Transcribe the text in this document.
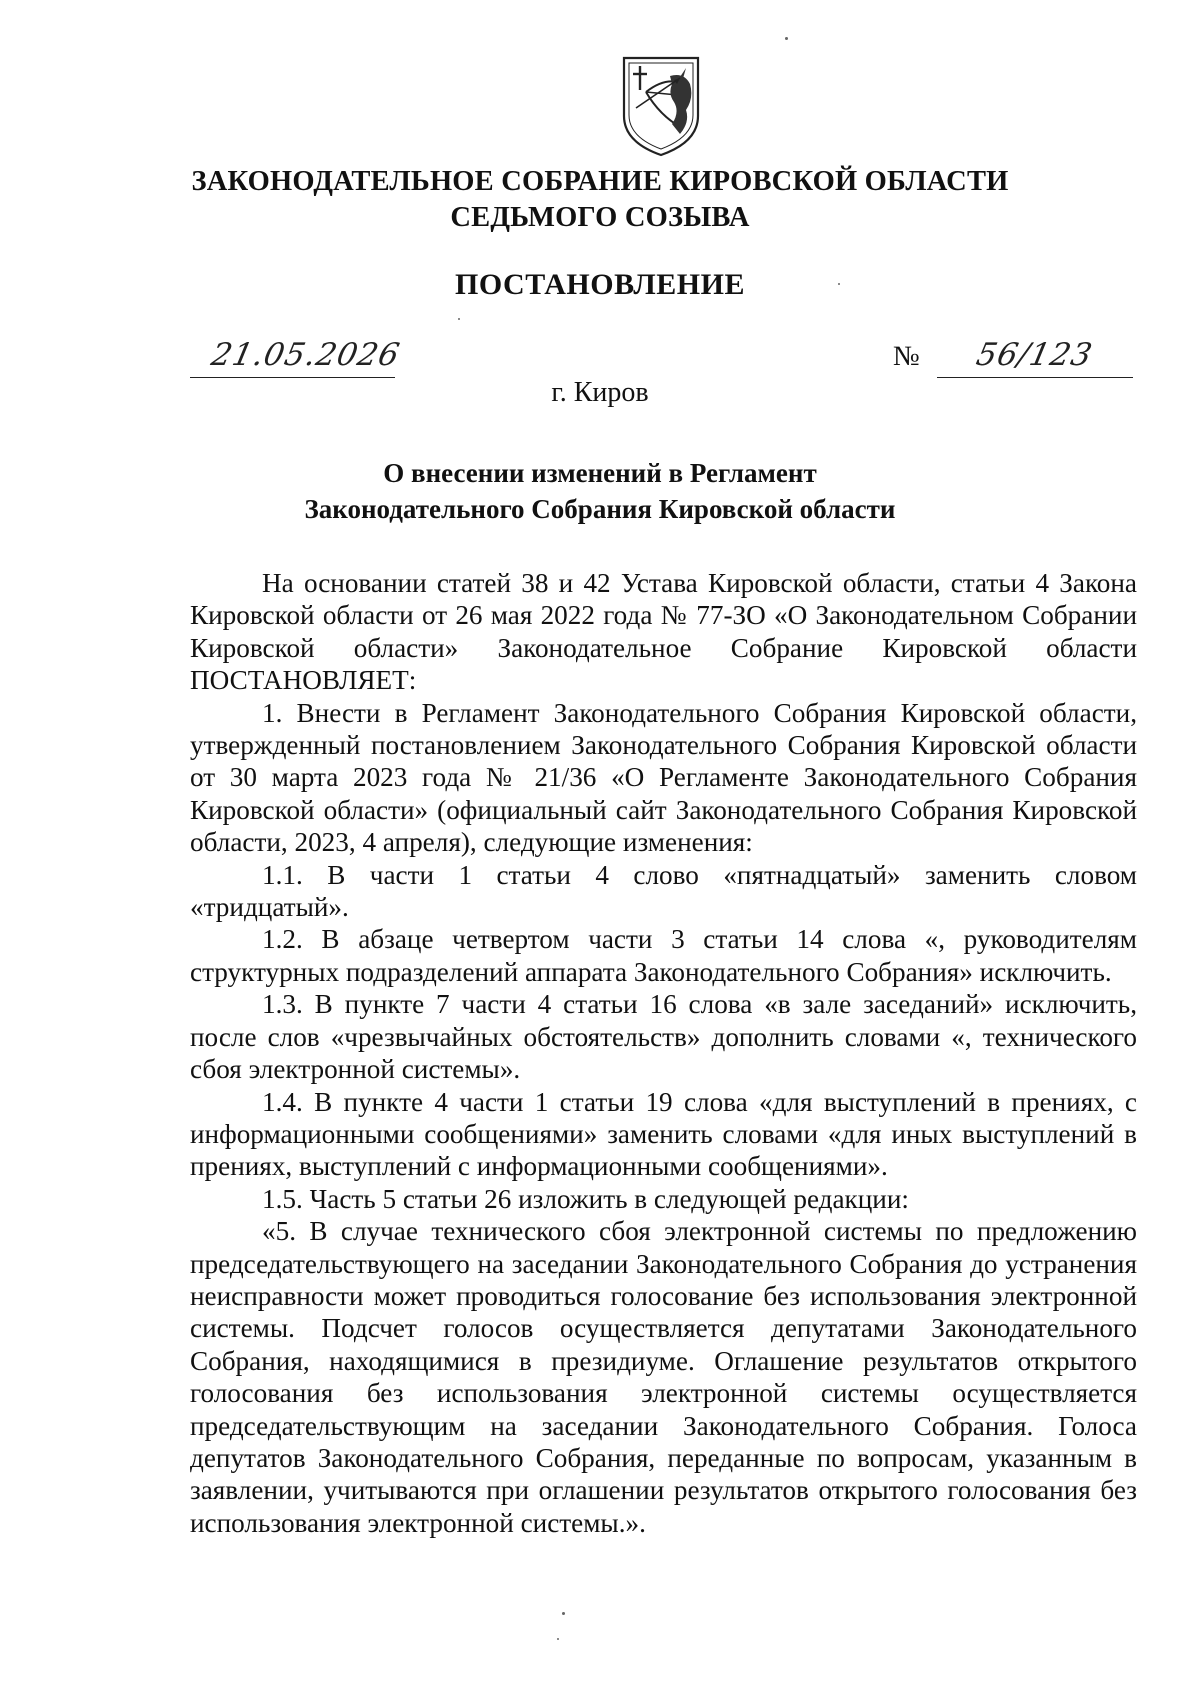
ЗАКОНОДАТЕЛЬНОЕ СОБРАНИЕ КИРОВСКОЙ ОБЛАСТИ
СЕДЬМОГО СОЗЫВА
ПОСТАНОВЛЕНИЕ
21.05.2026	№ 56/123
г. Киров
О внесении изменений в Регламент
Законодательного Собрания Кировской области

На основании статей 38 и 42 Устава Кировской области, статьи 4 Закона Кировской области от 26 мая 2022 года № 77-ЗО «О Законодательном Собрании Кировской области» Законодательное Собрание Кировской области ПОСТАНОВЛЯЕТ:

1. Внести в Регламент Законодательного Собрания Кировской области, утвержденный постановлением Законодательного Собрания Кировской области от 30 марта 2023 года № 21/36 «О Регламенте Законодательного Собрания Кировской области» (официальный сайт Законодательного Собрания Кировской области, 2023, 4 апреля), следующие изменения:

1.1. В части 1 статьи 4 слово «пятнадцатый» заменить словом «тридцатый».

1.2. В абзаце четвертом части 3 статьи 14 слова «, руководителям структурных подразделений аппарата Законодательного Собрания» исключить.

1.3. В пункте 7 части 4 статьи 16 слова «в зале заседаний» исключить, после слов «чрезвычайных обстоятельств» дополнить словами «, технического сбоя электронной системы».

1.4. В пункте 4 части 1 статьи 19 слова «для выступлений в прениях, с информационными сообщениями» заменить словами «для иных выступлений в прениях, выступлений с информационными сообщениями».

1.5. Часть 5 статьи 26 изложить в следующей редакции:

«5. В случае технического сбоя электронной системы по предложению председательствующего на заседании Законодательного Собрания до устранения неисправности может проводиться голосование без использования электронной системы. Подсчет голосов осуществляется депутатами Законодательного Собрания, находящимися в президиуме. Оглашение результатов открытого голосования без использования электронной системы осуществляется председательствующим на заседании Законодательного Собрания. Голоса депутатов Законодательного Собрания, переданные по вопросам, указанным в заявлении, учитываются при оглашении результатов открытого голосования без использования электронной системы.».
